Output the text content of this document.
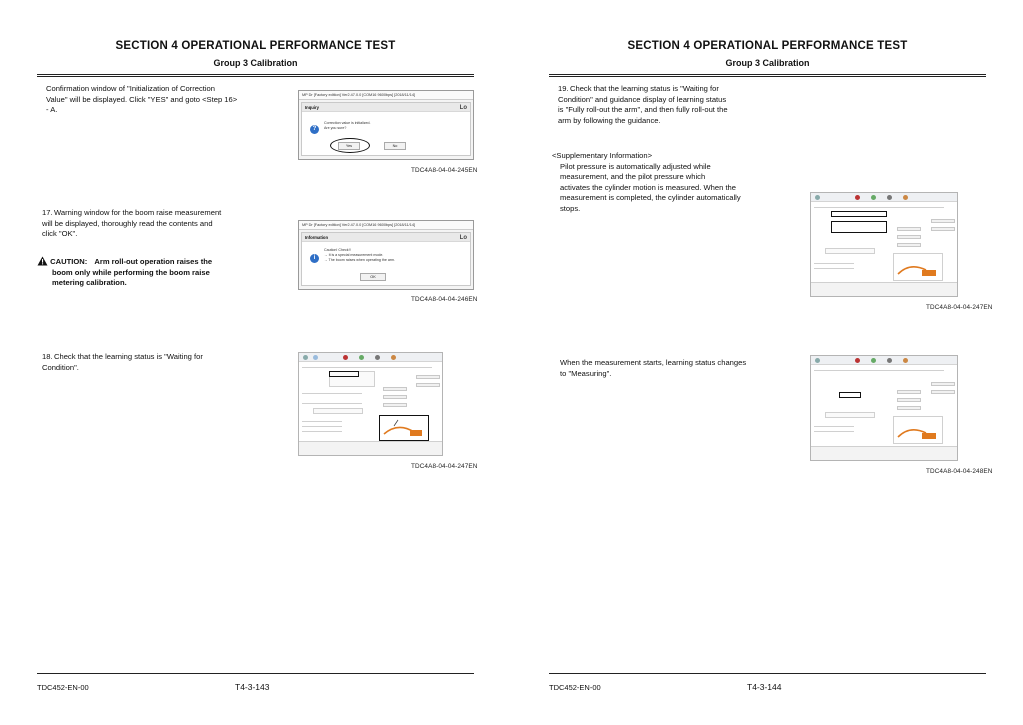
SECTION 4 OPERATIONAL PERFORMANCE TEST
Group 3 Calibration
Confirmation window of "Initialization of Correction
Value" will be displayed. Click "YES" and goto <Step 16>
- A.
MP Dr [Factory edition] Ver2.47.0.0 [COM16 9600bps] [2018/11/14]
Inquiry	Lo
?
Correction value is initialized.
Are you sure?
Yes	No
TDC4A8-04-04-245EN
17.Warning window for the boom raise measurement
will be displayed, thoroughly read the contents and
click "OK".
CAUTION: Arm roll-out operation raises the
boom only while performing the boom raise
metering calibration.
MP Dr [Factory edition] Ver2.47.0.0 [COM16 9600bps] [2018/11/14]
Information	Lo
i
Caution! Check!!
→ It is a special measurement mode.
→ The boom raises when operating the arm.
OK
TDC4A8-04-04-246EN
18.Check that the learning status is "Waiting for
Condition".
TDC4A8-04-04-247EN
TDC452-EN-00	T4-3-143
SECTION 4 OPERATIONAL PERFORMANCE TEST
Group 3 Calibration
19.Check that the learning status is "Waiting for
Condition" and guidance display of learning status
is "Fully roll-out the arm", and then fully roll-out the
arm by following the guidance.
<Supplementary Information>
Pilot pressure is automatically adjusted while
measurement, and the pilot pressure which
activates the cylinder motion is measured. When the
measurement is completed, the cylinder automatically
stops.
TDC4A8-04-04-247EN
When the measurement starts, learning status changes
to "Measuring".
TDC4A8-04-04-248EN
TDC452-EN-00	T4-3-144
